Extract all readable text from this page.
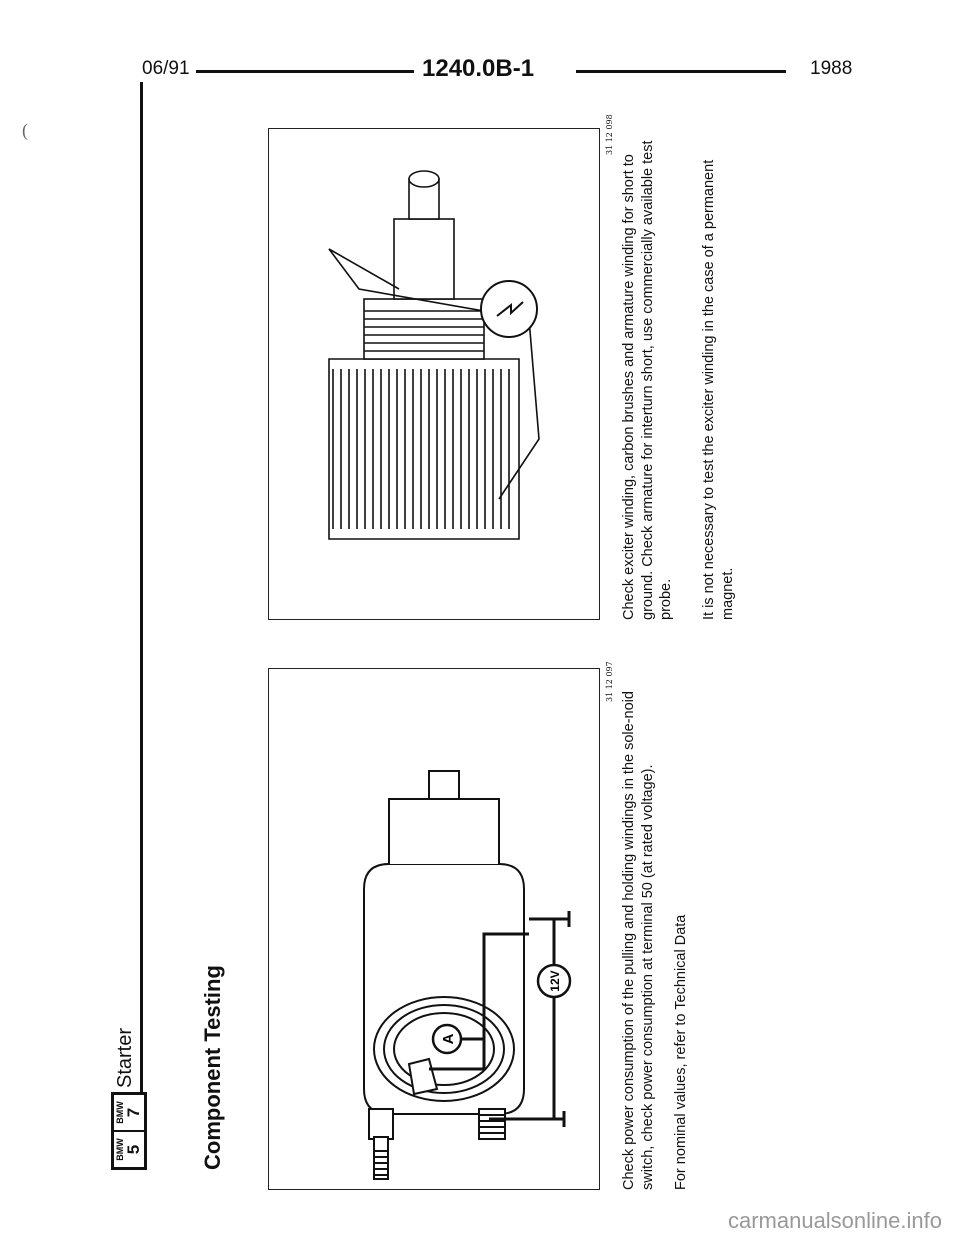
06/91	1240.0B-1	1988
(
BMW 5
BMW 7
Starter	Component Testing	A
12V
31 12 097
31 12 098
Check power consumption of the pulling and holding windings in the sole-noid switch, check power consumption at terminal 50 (at rated voltage). For nominal values, refer to Technical Data
Check exciter winding, carbon brushes and armature winding for short to ground. Check armature for interturn short, use commercially available test probe. It is not necessary to test the exciter winding in the case of a permanent magnet.
carmanualsonline.info
